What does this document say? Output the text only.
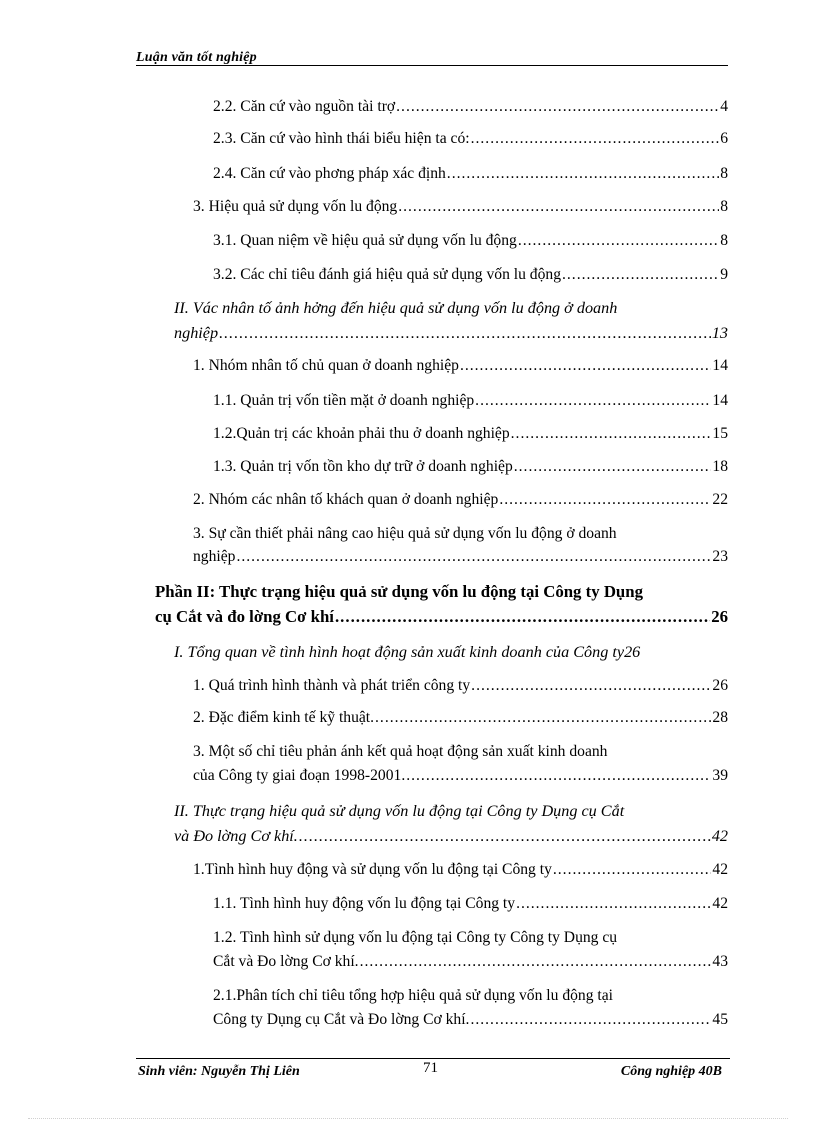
Luận văn tốt nghiệp
2.2. Căn cứ vào nguồn tài trợ .....	4
2.3. Căn cứ vào hình thái biểu hiện ta có: .....	6
2.4. Căn cứ vào phơng pháp xác định .....	8
3. Hiệu quả sử dụng vốn lu động .....	8
3.1. Quan niệm về hiệu quả sử dụng vốn lu động .....	8
3.2. Các chỉ tiêu đánh giá hiệu quả sử dụng vốn lu động .....	9
II. Vác nhân tố ảnh hởng đến hiệu quả sử dụng vốn lu động ở doanh
nghiệp .....	13
1. Nhóm nhân tố chủ quan ở doanh nghiệp .....	14
1.1. Quản trị vốn tiền mặt ở doanh nghiệp .....	14
1.2.Quản trị các khoản phải thu ở doanh nghiệp .....	15
1.3. Quản trị vốn tồn kho dự trữ ở doanh nghiệp .....	18
2. Nhóm các nhân tố khách quan ở doanh nghiệp .....	22
3. Sự cần thiết phải nâng cao hiệu quả sử dụng vốn lu động ở doanh
nghiệp .....	23
Phần II: Thực trạng hiệu quả sử dụng vốn lu động tại Công ty Dụng
cụ Cắt và đo lờng Cơ khí .....	26
I. Tổng quan về tình hình hoạt động sản xuất kinh doanh của Công ty 26
1. Quá trình hình thành và phát triển công ty .....	26
2. Đặc điểm kinh tế kỹ thuật. .....	28
3. Một số chỉ tiêu phản ánh kết quả hoạt động sản xuất kinh doanh
của Công ty giai đoạn 1998-2001. .....	39
II. Thực trạng hiệu quả sử dụng vốn lu động tại Công ty Dụng cụ Cắt
và Đo lờng Cơ khí. .....	42
1.Tình hình huy động và sử dụng vốn lu động tại Công ty .....	42
1.1. Tình hình huy động vốn lu động tại Công ty .....	42
1.2. Tình hình sử dụng vốn lu động tại Công ty Công ty Dụng cụ
Cắt và Đo lờng Cơ khí. .....	43
2.1.Phân tích chỉ tiêu tổng hợp hiệu quả sử dụng vốn lu động tại
Công ty Dụng cụ Cắt và Đo lờng Cơ khí. .....	45
Sinh viên: Nguyễn Thị Liên	71	Công nghiệp 40B
